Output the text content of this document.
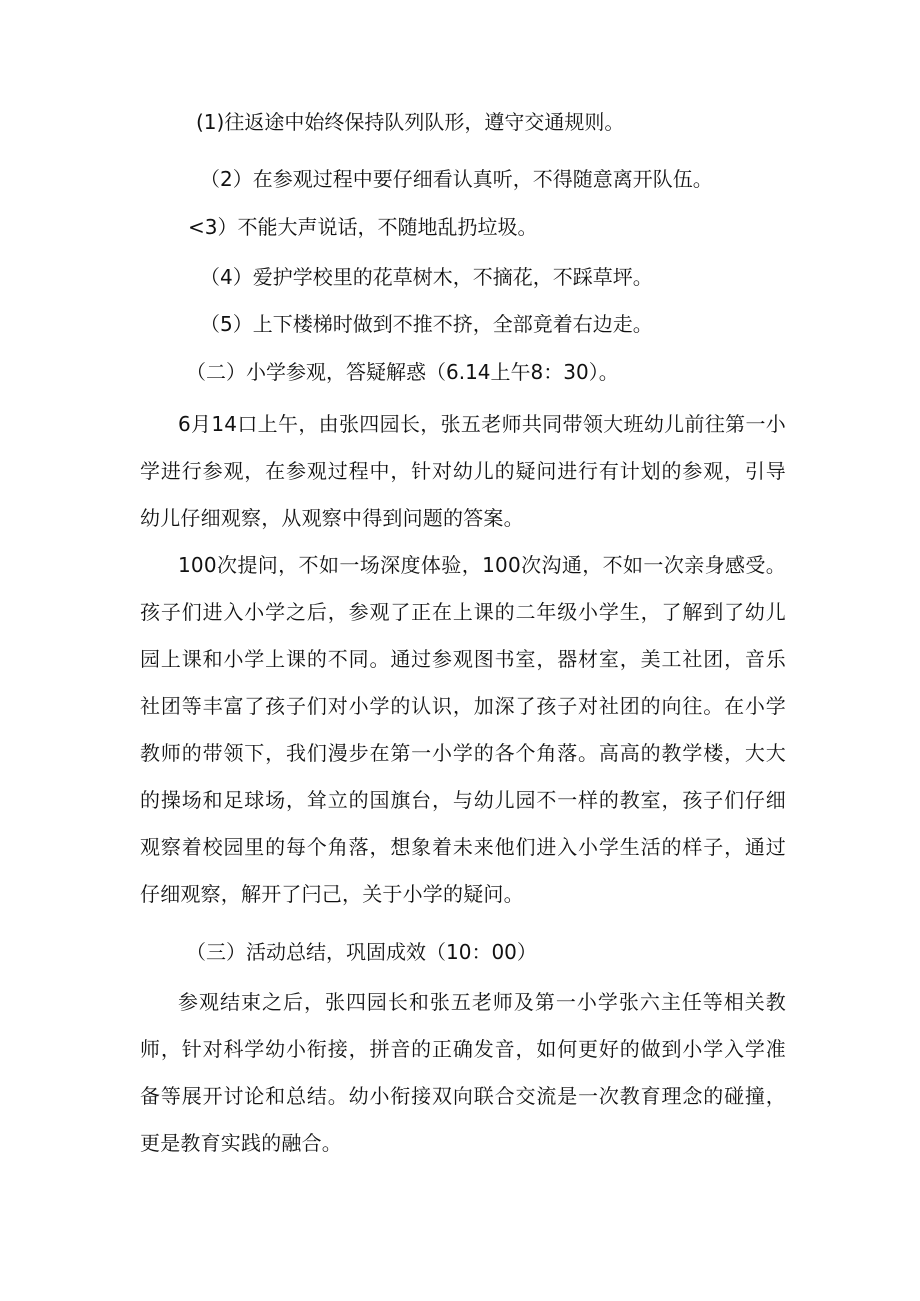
(1)往返途中始终保持队列队形，遵守交通规则。
（2）在参观过程中要仔细看认真听，不得随意离开队伍。
<3）不能大声说话，不随地乱扔垃圾。
（4）爱护学校里的花草树木，不摘花，不踩草坪。
（5）上下楼梯时做到不推不挤，全部竟着右边走。
（二）小学参观，答疑解惑（6.14上午8：30）。
6月14口上午，由张四园长，张五老师共同带领大班幼儿前往第一小学进行参观，在参观过程中，针对幼儿的疑问进行有计划的参观，引导幼儿仔细观察，从观察中得到问题的答案。
100次提问，不如一场深度体验，100次沟通，不如一次亲身感受。孩子们进入小学之后，参观了正在上课的二年级小学生，了解到了幼儿园上课和小学上课的不同。通过参观图书室，器材室，美工社团，音乐社团等丰富了孩子们对小学的认识，加深了孩子对社团的向往。在小学教师的带领下，我们漫步在第一小学的各个角落。高高的教学楼，大大的操场和足球场，耸立的国旗台，与幼儿园不一样的教室，孩子们仔细观察着校园里的每个角落，想象着未来他们进入小学生活的样子，通过仔细观察，解开了闩己，关于小学的疑问。
（三）活动总结，巩固成效（10：00）
参观结束之后，张四园长和张五老师及第一小学张六主任等相关教师，针对科学幼小衔接，拼音的正确发音，如何更好的做到小学入学准备等展开讨论和总结。幼小衔接双向联合交流是一次教育理念的碰撞，更是教育实践的融合。
